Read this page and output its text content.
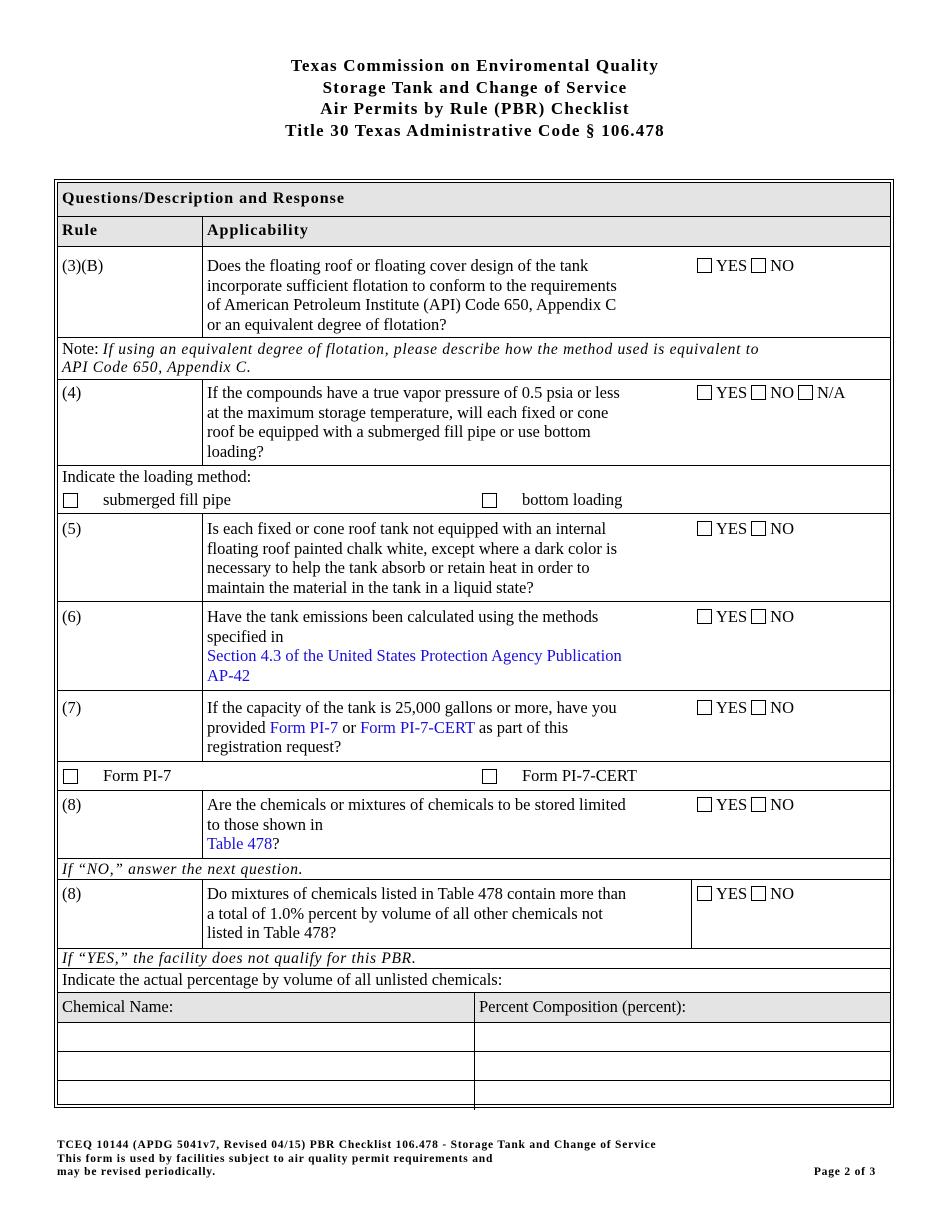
Texas Commission on Enviromental Quality
Storage Tank and Change of Service
Air Permits by Rule (PBR) Checklist
Title 30 Texas Administrative Code § 106.478
Questions/Description and Response
Rule	Applicability
(3)(B)	Does the floating roof or floating cover design of the tank
incorporate sufficient flotation to conform to the requirements
of American Petroleum Institute (API) Code 650, Appendix C
or an equivalent degree of flotation?
YES NO
Note: If using an equivalent degree of flotation, please describe how the method used is equivalent to
API Code 650, Appendix C.
(4)	If the compounds have a true vapor pressure of 0.5 psia or less
at the maximum storage temperature, will each fixed or cone
roof be equipped with a submerged fill pipe or use bottom
loading?
YES NO N/A
Indicate the loading method:
submerged fill pipe	bottom loading
(5)	Is each fixed or cone roof tank not equipped with an internal
floating roof painted chalk white, except where a dark color is
necessary to help the tank absorb or retain heat in order to
maintain the material in the tank in a liquid state?
YES NO
(6)	Have the tank emissions been calculated using the methods
specified in
Section 4.3 of the United States Protection Agency Publication
AP-42
YES NO
(7)	If the capacity of the tank is 25,000 gallons or more, have you
provided Form PI-7 or Form PI-7-CERT as part of this
registration request?
YES NO
Form PI-7	Form PI-7-CERT
(8)	Are the chemicals or mixtures of chemicals to be stored limited
to those shown in
Table 478?
YES NO
If “NO,” answer the next question.
(8)	Do mixtures of chemicals listed in Table 478 contain more than
a total of 1.0% percent by volume of all other chemicals not
listed in Table 478?
YES NO
If “YES,” the facility does not qualify for this PBR.
Indicate the actual percentage by volume of all unlisted chemicals:
Chemical Name:	Percent Composition (percent):
TCEQ 10144 (APDG 5041v7, Revised 04/15) PBR Checklist 106.478 - Storage Tank and Change of Service
This form is used by facilities subject to air quality permit requirements and
may be revised periodically.	Page 2 of 3
